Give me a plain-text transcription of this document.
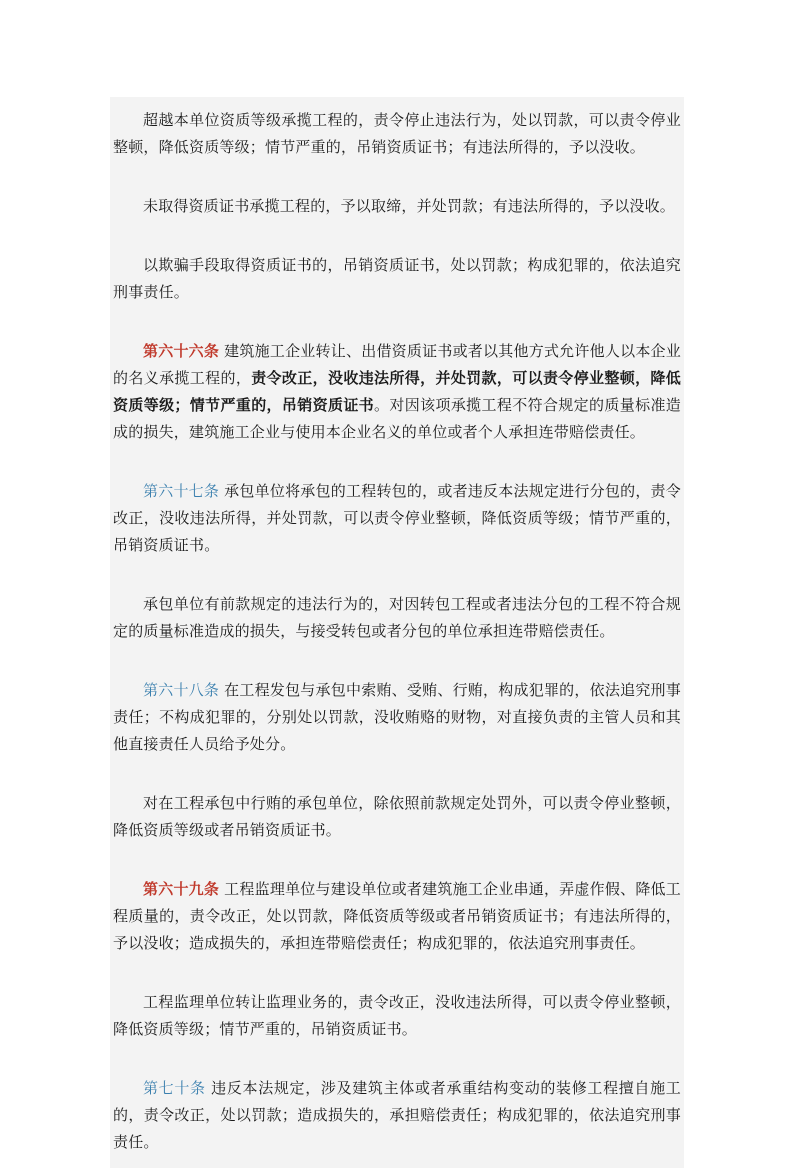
超越本单位资质等级承揽工程的，责令停止违法行为，处以罚款，可以责令停业整顿，降低资质等级；情节严重的，吊销资质证书；有违法所得的，予以没收。

未取得资质证书承揽工程的，予以取缔，并处罚款；有违法所得的，予以没收。

以欺骗手段取得资质证书的，吊销资质证书，处以罚款；构成犯罪的，依法追究刑事责任。

第六十六条 建筑施工企业转让、出借资质证书或者以其他方式允许他人以本企业的名义承揽工程的，责令改正，没收违法所得，并处罚款，可以责令停业整顿，降低资质等级；情节严重的，吊销资质证书。对因该项承揽工程不符合规定的质量标准造成的损失，建筑施工企业与使用本企业名义的单位或者个人承担连带赔偿责任。

第六十七条 承包单位将承包的工程转包的，或者违反本法规定进行分包的，责令改正，没收违法所得，并处罚款，可以责令停业整顿，降低资质等级；情节严重的，吊销资质证书。

承包单位有前款规定的违法行为的，对因转包工程或者违法分包的工程不符合规定的质量标准造成的损失，与接受转包或者分包的单位承担连带赔偿责任。

第六十八条 在工程发包与承包中索贿、受贿、行贿，构成犯罪的，依法追究刑事责任；不构成犯罪的，分别处以罚款，没收贿赂的财物，对直接负责的主管人员和其他直接责任人员给予处分。

对在工程承包中行贿的承包单位，除依照前款规定处罚外，可以责令停业整顿，降低资质等级或者吊销资质证书。

第六十九条 工程监理单位与建设单位或者建筑施工企业串通，弄虚作假、降低工程质量的，责令改正，处以罚款，降低资质等级或者吊销资质证书；有违法所得的，予以没收；造成损失的，承担连带赔偿责任；构成犯罪的，依法追究刑事责任。

工程监理单位转让监理业务的，责令改正，没收违法所得，可以责令停业整顿，降低资质等级；情节严重的，吊销资质证书。

第七十条 违反本法规定，涉及建筑主体或者承重结构变动的装修工程擅自施工的，责令改正，处以罚款；造成损失的，承担赔偿责任；构成犯罪的，依法追究刑事责任。
